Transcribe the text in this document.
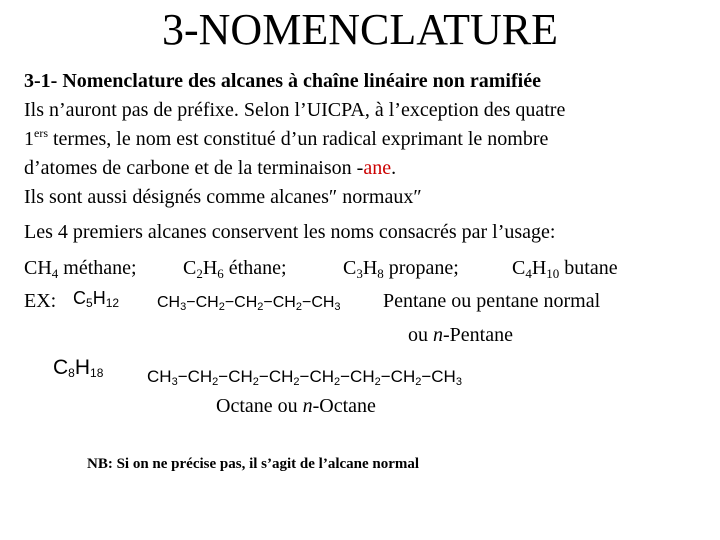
3-NOMENCLATURE
3-1- Nomenclature des alcanes à chaîne linéaire non ramifiée
Ils n’auront pas de préfixe. Selon l’UICPA, à l’exception des quatre
1ers termes, le nom est constitué d’un radical exprimant le nombre
d’atomes de carbone et de la terminaison -ane.
Ils sont aussi désignés comme alcanes″ normaux″
Les 4 premiers alcanes conservent les noms consacrés par l’usage:
$CH_4$ méthane; $C_2H_6$ éthane;	$C_3H_8$ propane;	$C_4H_{10}$ butane
EX: $C_5H_{12}$ $CH_3-CH_2-CH_2-CH_2-CH_3$ Pentane ou pentane normal
ou n-Pentane
$C_8H_{18}$	$CH_3-CH_2-CH_2-CH_2-CH_2-CH_2-CH_2-CH_3$
Octane ou n-Octane
NB: Si on ne précise pas, il s’agit de l’alcane normal
